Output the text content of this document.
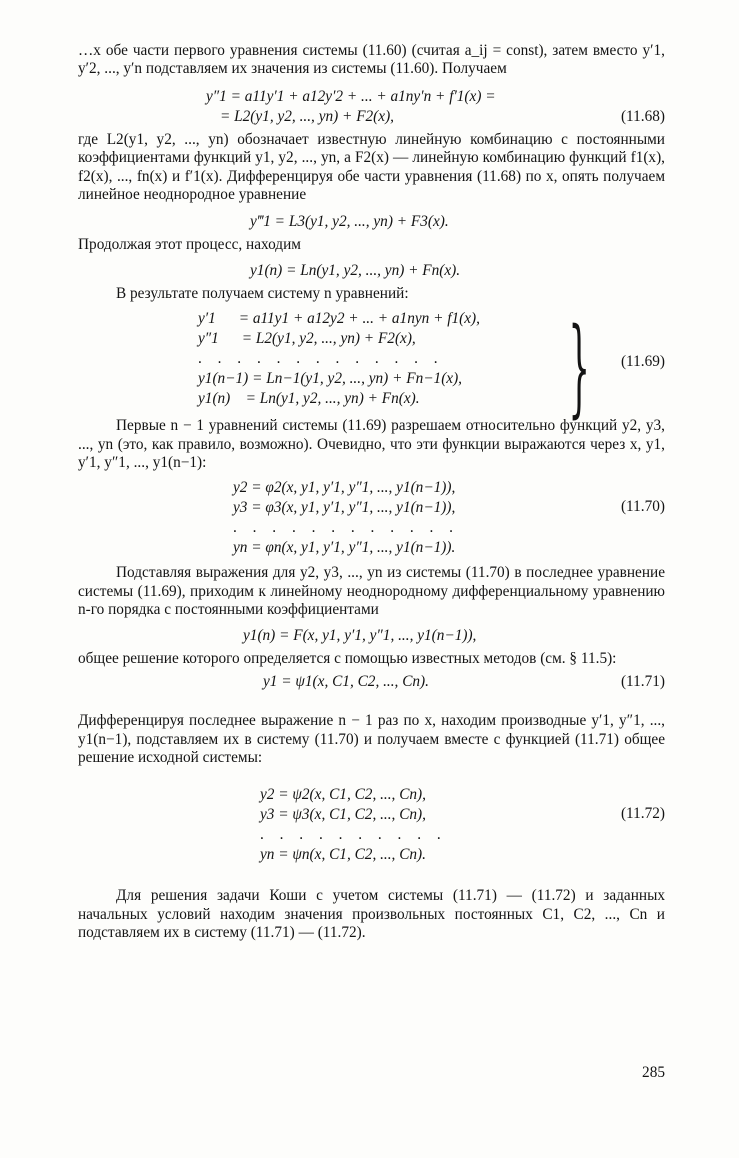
…x обе части первого уравнения системы (11.60) (считая a_ij = const), затем вместо y′1, y′2, ..., y′n подставляем их значения из системы (11.60). Получаем

y″1 = a11y′1 + a12y′2 + ... + a1ny′n + f′1(x) =

= L2(y1, y2, ..., yn) + F2(x),

	(11.68)

где L2(y1, y2, ..., yn) обозначает известную линейную комбинацию с постоянными коэффициентами функций y1, y2, ..., yn, а F2(x) — линейную комбинацию функций f1(x), f2(x), ..., fn(x) и f′1(x). Дифференцируя обе части уравнения (11.68) по x, опять получаем линейное неоднородное уравнение

y‴1 = L3(y1, y2, ..., yn) + F3(x).

Продолжая этот процесс, находим

y1(n) = Ln(y1, y2, ..., yn) + Fn(x).

В результате получаем систему n уравнений:

y′1      = a11y1 + a12y2 + ... + a1nyn + f1(x),
y″1      = L2(y1, y2, ..., yn) + F2(x),
. . . . . . . . . . . . .
y1(n−1) = Ln−1(y1, y2, ..., yn) + Fn−1(x),
y1(n)    = Ln(y1, y2, ..., yn) + Fn(x).	} (11.69)

Первые n − 1 уравнений системы (11.69) разрешаем относительно функций y2, y3, ..., yn (это, как правило, возможно). Очевидно, что эти функции выражаются через x, y1, y′1, y″1, ..., y1(n−1):

y2 = φ2(x, y1, y′1, y″1, ..., y1(n−1)),
y3 = φ3(x, y1, y′1, y″1, ..., y1(n−1)),
. . . . . . . . . . . .
yn = φn(x, y1, y′1, y″1, ..., y1(n−1)).
(11.70)

Подставляя выражения для y2, y3, ..., yn из системы (11.70) в последнее уравнение системы (11.69), приходим к линейному неоднородному дифференциальному уравнению n-го порядка с постоянными коэффициентами

y1(n) = F(x, y1, y′1, y″1, ..., y1(n−1)),

общее решение которого определяется с помощью известных методов (см. § 11.5):

y1 = ψ1(x, C1, C2, ..., Cn).

	(11.71)

Дифференцируя последнее выражение n − 1 раз по x, находим производные y′1, y″1, ..., y1(n−1), подставляем их в систему (11.70) и получаем вместе с функцией (11.71) общее решение исходной системы:

y2 = ψ2(x, C1, C2, ..., Cn),
y3 = ψ3(x, C1, C2, ..., Cn),
. . . . . . . . . .
yn = ψn(x, C1, C2, ..., Cn).
(11.72)

Для решения задачи Коши с учетом системы (11.71) — (11.72) и заданных начальных условий находим значения произвольных постоянных C1, C2, ..., Cn и подставляем их в систему (11.71) — (11.72).

285
